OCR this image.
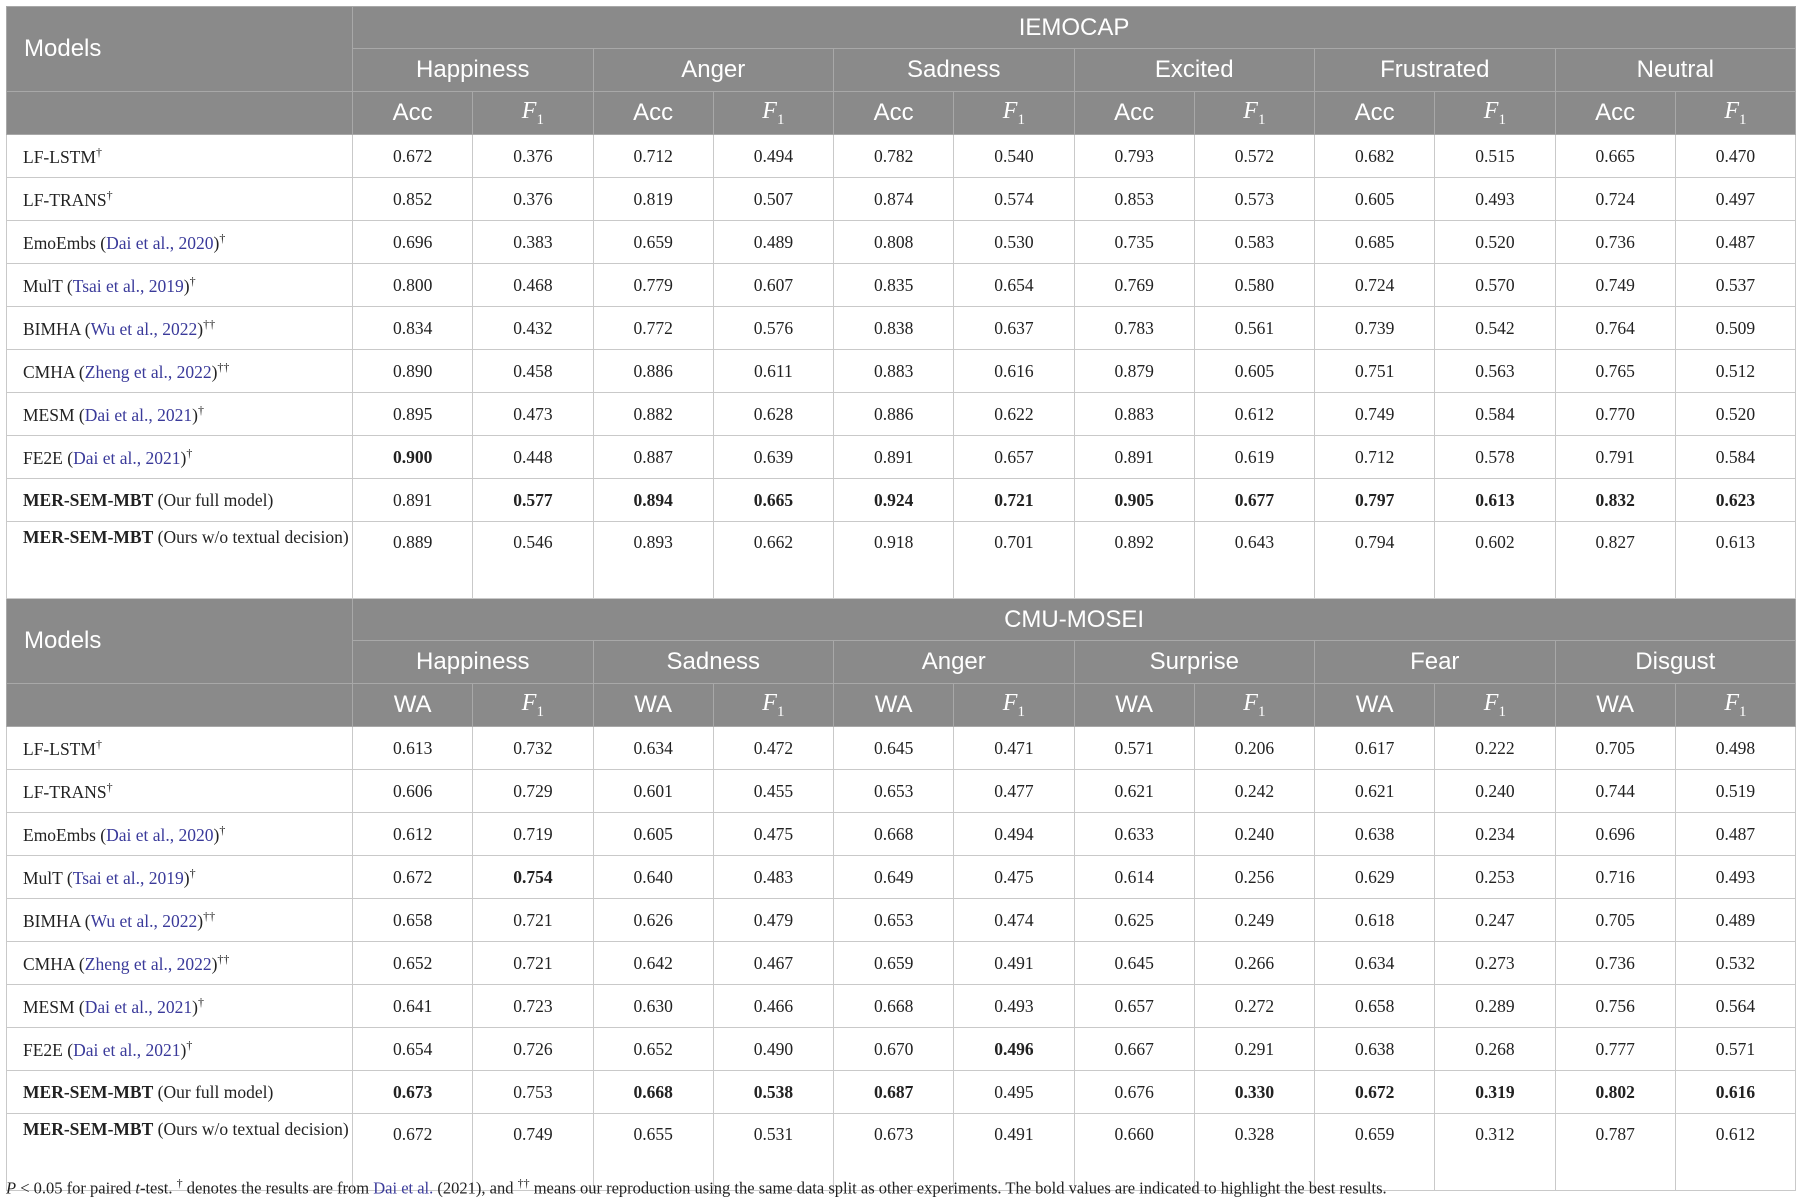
Models	IEMOCAP											
	Happiness		Anger		Sadness		Excited		Frustrated		Neutral	
	Acc	$F_1$	Acc	$F_1$	Acc	$F_1$	Acc	$F_1$	Acc	$F_1$	Acc	$F_1$
LF-LSTM†	0.672	0.376	0.712	0.494	0.782	0.540	0.793	0.572	0.682	0.515	0.665	0.470
LF-TRANS†	0.852	0.376	0.819	0.507	0.874	0.574	0.853	0.573	0.605	0.493	0.724	0.497
EmoEmbs (Dai et al., 2020)†	0.696	0.383	0.659	0.489	0.808	0.530	0.735	0.583	0.685	0.520	0.736	0.487
MulT (Tsai et al., 2019)†	0.800	0.468	0.779	0.607	0.835	0.654	0.769	0.580	0.724	0.570	0.749	0.537
BIMHA (Wu et al., 2022)††	0.834	0.432	0.772	0.576	0.838	0.637	0.783	0.561	0.739	0.542	0.764	0.509
CMHA (Zheng et al., 2022)††	0.890	0.458	0.886	0.611	0.883	0.616	0.879	0.605	0.751	0.563	0.765	0.512
MESM (Dai et al., 2021)†	0.895	0.473	0.882	0.628	0.886	0.622	0.883	0.612	0.749	0.584	0.770	0.520
FE2E (Dai et al., 2021)†	0.900	0.448	0.887	0.639	0.891	0.657	0.891	0.619	0.712	0.578	0.791	0.584
MER-SEM-MBT (Our full model)	0.891	0.577	0.894	0.665	0.924	0.721	0.905	0.677	0.797	0.613	0.832	0.623
MER-SEM-MBT (Ours w/o textual decision)	0.889	0.546	0.893	0.662	0.918	0.701	0.892	0.643	0.794	0.602	0.827	0.613
Models	CMU-MOSEI											
	Happiness		Sadness		Anger		Surprise		Fear		Disgust	
	WA	$F_1$	WA	$F_1$	WA	$F_1$	WA	$F_1$	WA	$F_1$	WA	$F_1$
LF-LSTM†	0.613	0.732	0.634	0.472	0.645	0.471	0.571	0.206	0.617	0.222	0.705	0.498
LF-TRANS†	0.606	0.729	0.601	0.455	0.653	0.477	0.621	0.242	0.621	0.240	0.744	0.519
EmoEmbs (Dai et al., 2020)†	0.612	0.719	0.605	0.475	0.668	0.494	0.633	0.240	0.638	0.234	0.696	0.487
MulT (Tsai et al., 2019)†	0.672	0.754	0.640	0.483	0.649	0.475	0.614	0.256	0.629	0.253	0.716	0.493
BIMHA (Wu et al., 2022)††	0.658	0.721	0.626	0.479	0.653	0.474	0.625	0.249	0.618	0.247	0.705	0.489
CMHA (Zheng et al., 2022)††	0.652	0.721	0.642	0.467	0.659	0.491	0.645	0.266	0.634	0.273	0.736	0.532
MESM (Dai et al., 2021)†	0.641	0.723	0.630	0.466	0.668	0.493	0.657	0.272	0.658	0.289	0.756	0.564
FE2E (Dai et al., 2021)†	0.654	0.726	0.652	0.490	0.670	0.496	0.667	0.291	0.638	0.268	0.777	0.571
MER-SEM-MBT (Our full model)	0.673	0.753	0.668	0.538	0.687	0.495	0.676	0.330	0.672	0.319	0.802	0.616
MER-SEM-MBT (Ours w/o textual decision)	0.672	0.749	0.655	0.531	0.673	0.491	0.660	0.328	0.659	0.312	0.787	0.612
P < 0.05 for paired t-test. † denotes the results are from Dai et al. (2021), and †† means our reproduction using the same data split as other experiments. The bold values are indicated to highlight the best results.
